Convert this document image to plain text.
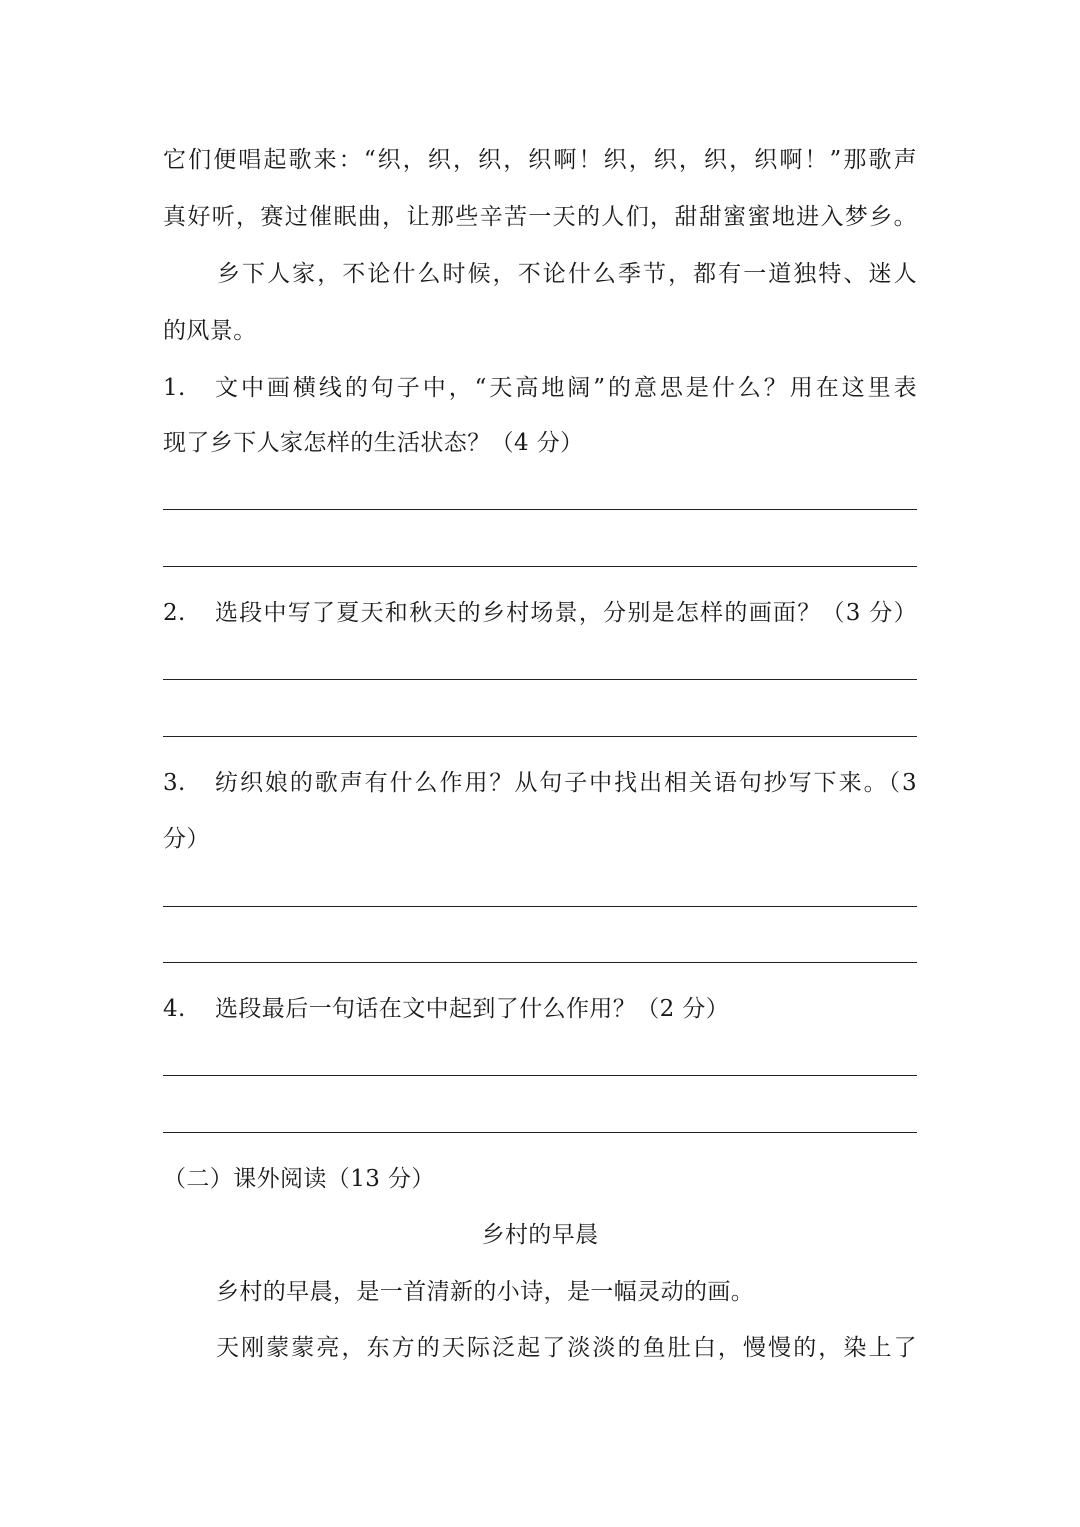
它们便唱起歌来：“织，织，织，织啊！织，织，织，织啊！”那歌声
真好听，赛过催眠曲，让那些辛苦一天的人们，甜甜蜜蜜地进入梦乡。
乡下人家，不论什么时候，不论什么季节，都有一道独特、迷人
的风景。
1.	文中画横线的句子中，“天高地阔”的意思是什么？用在这里表
现了乡下人家怎样的生活状态？（4 分）
2.	选段中写了夏天和秋天的乡村场景，分别是怎样的画面？（3 分）
3.	纺织娘的歌声有什么作用？从句子中找出相关语句抄写下来。（3
分）
4.	选段最后一句话在文中起到了什么作用？（2 分）
（二）课外阅读（13 分）
乡村的早晨
乡村的早晨，是一首清新的小诗，是一幅灵动的画。
天刚蒙蒙亮，东方的天际泛起了淡淡的鱼肚白，慢慢的，染上了
